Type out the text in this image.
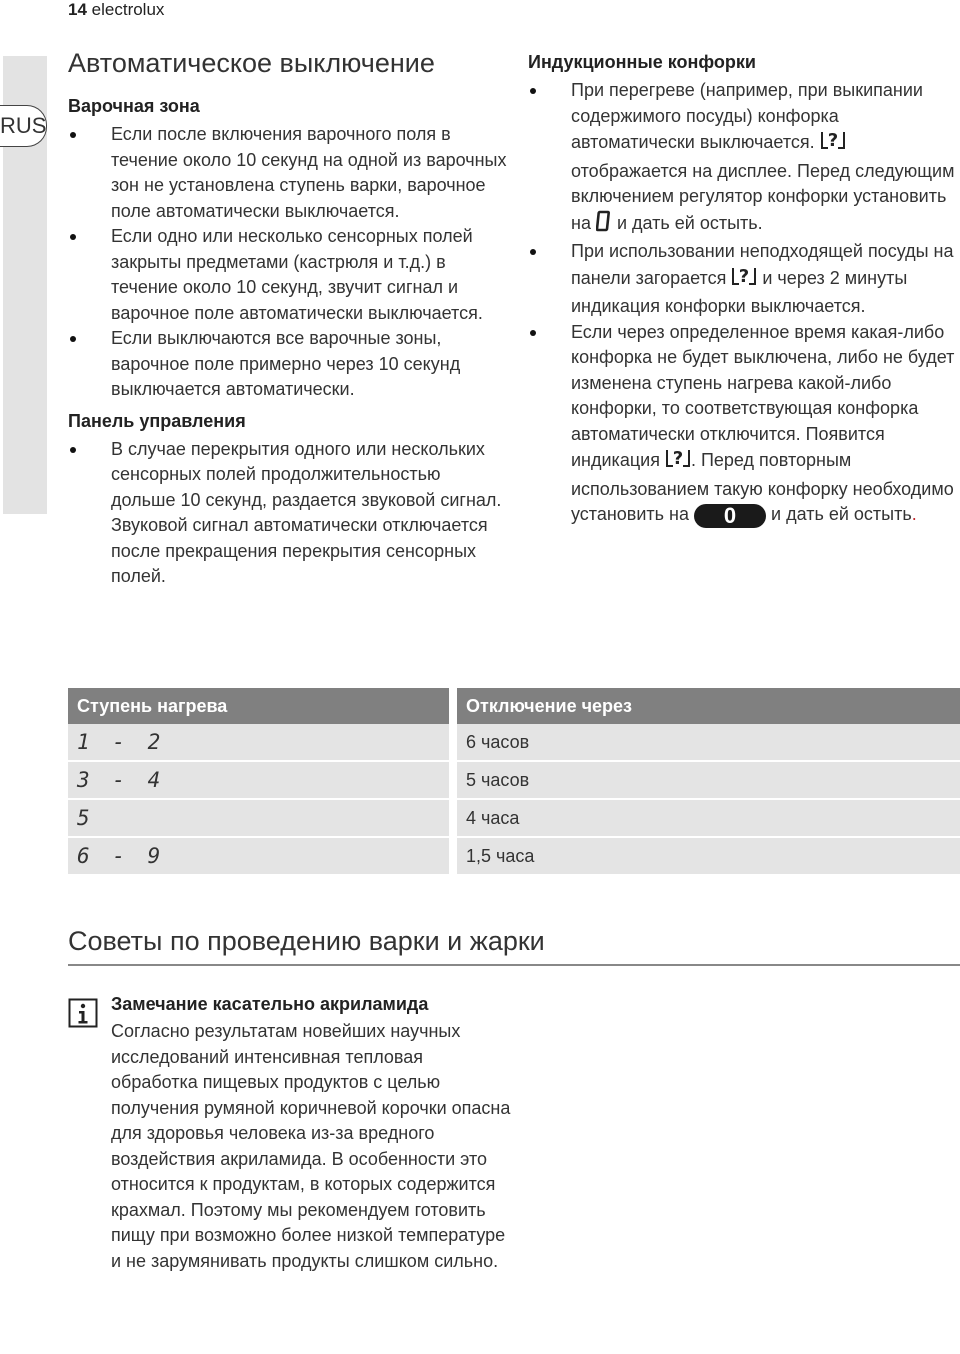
14 electrolux
RUS
Автоматическое выключение
Варочная зона
Если после включения варочного поля в течение около 10 секунд на одной из варочных зон не установлена ступень варки, варочное поле автоматически выключается.
Если одно или несколько сенсорных полей закрыты предметами (кастрюля и т.д.) в течение около 10 секунд, звучит сигнал и варочное поле автоматически выключается.
Если выключаются все варочные зоны, варочное поле примерно через 10 секунд выключается автоматически.
Панель управления
В случае перекрытия одного или нескольких сенсорных полей продолжительностью дольше 10 секунд, раздается звуковой сигнал. Звуковой сигнал автоматически отключается после прекращения перекрытия сенсорных полей.
Индукционные конфорки
При перегреве (например, при выкипании содержимого посуды) конфорка автоматически выключается. ?
отображается на дисплее. Перед следующим включением регулятор конфорки установить на и дать ей остыть.
При использовании неподходящей посуды на панели загорается ? и через 2 минуты индикация конфорки выключается.
Если через определенное время какая-либо конфорка не будет выключена, либо не будет изменена ступень нагрева какой-либо конфорки, то соответствующая конфорка автоматически отключится. Появится индикация ? . Перед повторным использованием такую конфорку необходимо установить на 0 и дать ей остыть.
Ступень нагрева	Отключение через
1 - 2	6 часов
3 - 4	5 часов
5	4 часа
6 - 9	1,5 часа
Советы по проведению варки и жарки
Замечание касательно акриламида

Согласно результатам новейших научных исследований интенсивная тепловая обработка пищевых продуктов с целью получения румяной коричневой корочки опасна для здоровья человека из-за вредного воздействия акриламида. В особенности это относится к продуктам, в которых содержится крахмал. Поэтому мы рекомендуем готовить пищу при возможно более низкой температуре и не зарумянивать продукты слишком сильно.
